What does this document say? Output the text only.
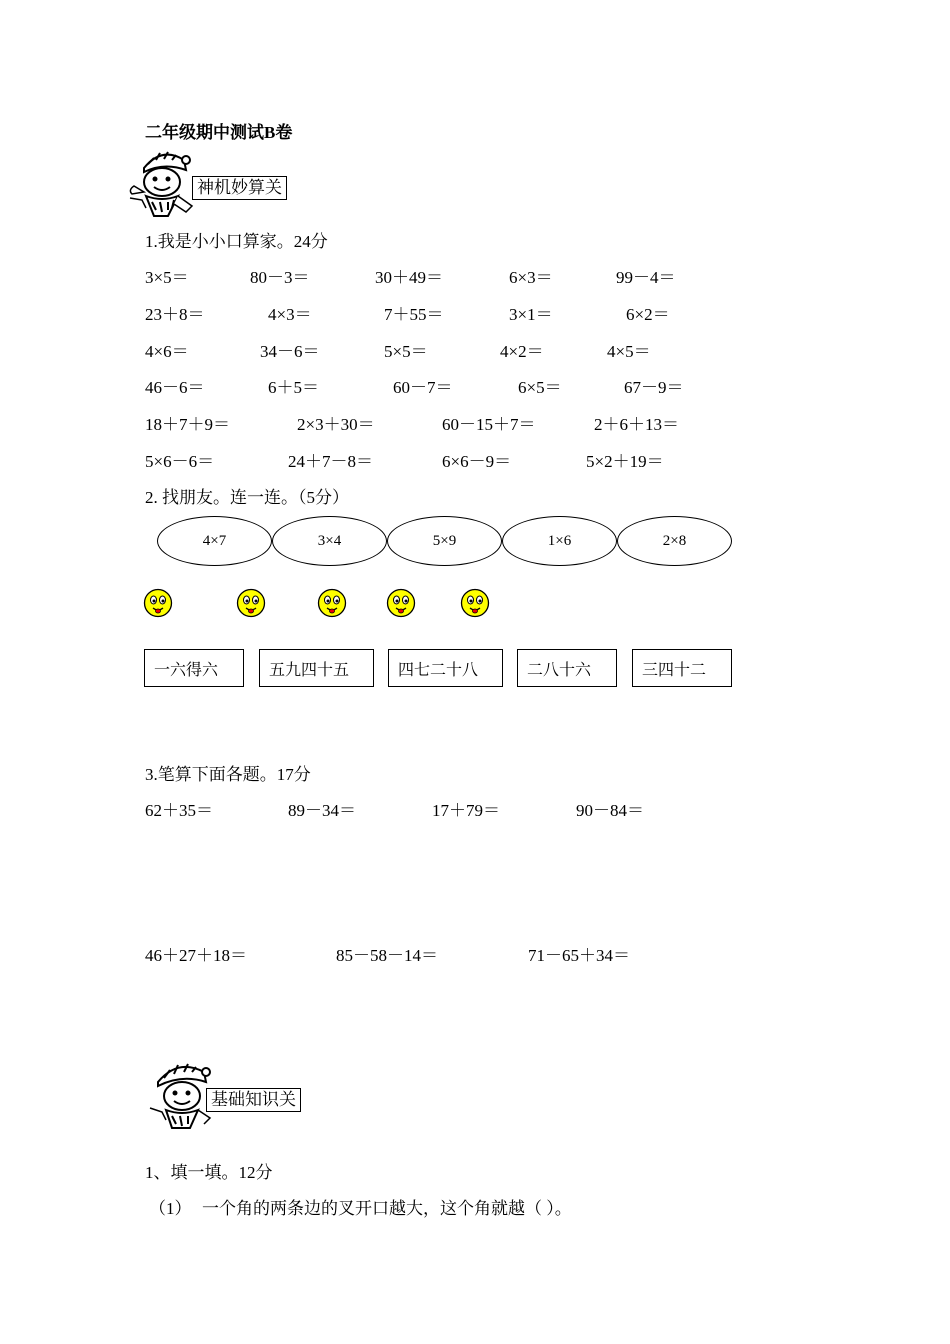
二年级期中测试B卷
神机妙算关
1.我是小小口算家。24分
3×5＝	80－3＝	30＋49＝	6×3＝	99－4＝
23＋8＝	4×3＝	7＋55＝	3×1＝	6×2＝
4×6＝	34－6＝	5×5＝	4×2＝	4×5＝
46－6＝	6＋5＝	60－7＝	6×5＝	67－9＝
18＋7＋9＝	2×3＋30＝	60－15＋7＝	2＋6＋13＝
5×6－6＝	24＋7－8＝	6×6－9＝	5×2＋19＝
2. 找朋友。连一连。（5分）
4×7	3×4	5×9	1×6	2×8
一六得六	五九四十五	四七二十八	二八十六	三四十二
3.笔算下面各题。17分
62＋35＝	89－34＝	17＋79＝	90－84＝
46＋27＋18＝	85－58－14＝	71－65＋34＝
基础知识关
1、填一填。12分
（1） 一个角的两条边的叉开口越大，这个角就越（ ）。
